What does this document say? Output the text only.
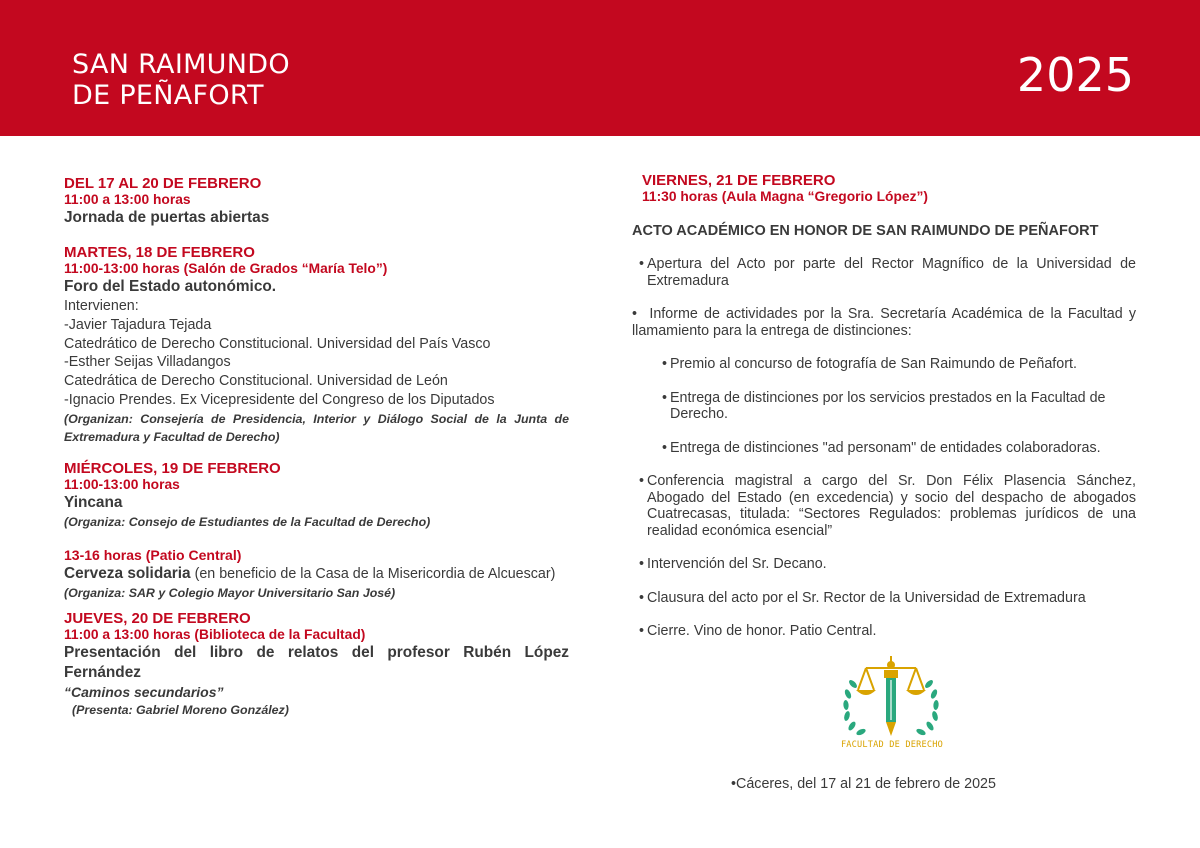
SAN RAIMUNDO
DE PEÑAFORT	2025

DEL 17 AL 20 DE FEBRERO

11:00 a 13:00 horas

Jornada de puertas abiertas

MARTES, 18 DE FEBRERO

11:00-13:00 horas (Salón de Grados “María Telo”)

Foro del Estado autonómico.

Intervienen:

-Javier Tajadura Tejada

Catedrático de Derecho Constitucional. Universidad del País Vasco

-Esther Seijas Villadangos

Catedrática de Derecho Constitucional. Universidad de León

-Ignacio Prendes. Ex Vicepresidente del Congreso de los Diputados

(Organizan: Consejería de Presidencia, Interior y Diálogo Social de la Junta de Extremadura y Facultad de Derecho)

MIÉRCOLES, 19 DE FEBRERO

11:00-13:00 horas

Yincana

(Organiza: Consejo de Estudiantes de la Facultad de Derecho)

13-16 horas (Patio Central)

Cerveza solidaria (en beneficio de la Casa de la Misericordia de Alcuescar)

(Organiza: SAR y Colegio Mayor Universitario San José)

JUEVES, 20 DE FEBRERO

11:00 a 13:00 horas (Biblioteca de la Facultad)

Presentación del libro de relatos del profesor Rubén López Fernández

“Caminos secundarios”

(Presenta: Gabriel Moreno González)

VIERNES, 21 DE FEBRERO

11:30 horas (Aula Magna “Gregorio López”)

ACTO ACADÉMICO EN HONOR DE SAN RAIMUNDO DE PEÑAFORT

• Apertura del Acto por parte del Rector Magnífico de la Universidad de Extremadura
• Informe de actividades por la Sra. Secretaría Académica de la Facultad y llamamiento para la entrega de distinciones:
• Premio al concurso de fotografía de San Raimundo de Peñafort.
• Entrega de distinciones por los servicios prestados en la Facultad de Derecho.
• Entrega de distinciones "ad personam" de entidades colaboradoras.
• Conferencia magistral a cargo del Sr. Don Félix Plasencia Sánchez, Abogado del Estado (en excedencia) y socio del despacho de abogados Cuatrecasas, titulada: “Sectores Regulados: problemas jurídicos de una realidad económica esencial”
• Intervención del Sr. Decano.
• Clausura del acto por el Sr. Rector de la Universidad de Extremadura
• Cierre. Vino de honor. Patio Central.
FACULTAD DE DERECHO
•Cáceres, del 17 al 21 de febrero de 2025
